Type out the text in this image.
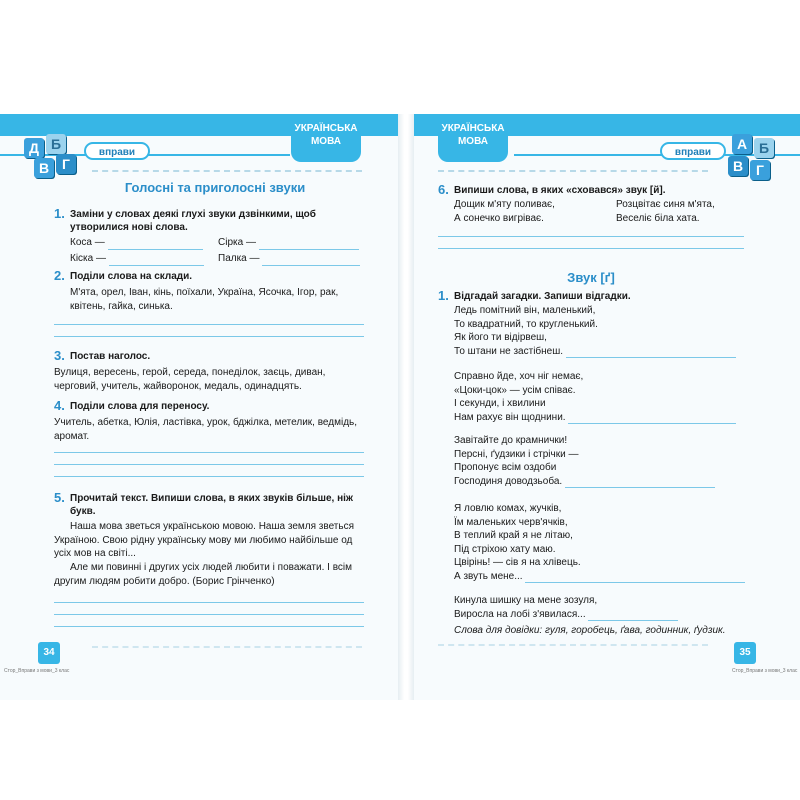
Д Б
В Г
вправи
УКРАЇНСЬКА МОВА
Голосні та приголосні звуки
1. Заміни у словах деякі глухі звуки дзвінкими, щоб утворилися нові слова.
Коса —	Сірка —
Кіска —	Палка —
2. Поділи слова на склади.
М'ята, орел, Іван, кінь, поїхали, Україна, Ясочка, Ігор, рак, квітень, гайка, синька.
3. Постав наголос.
Вулиця, вересень, герой, середа, понеділок, заєць, диван, черговий, учитель, жайворонок, медаль, одинадцять.
4. Поділи слова для переносу.
Учитель, абетка, Юлія, ластівка, урок, бджілка, метелик, ведмідь, аромат.
5. Прочитай текст. Випиши слова, в яких звуків більше, ніж букв.
Наша мова зветься українською мовою. Наша земля зветься Україною. Свою рідну українську мову ми любимо найбільше од усіх мов на світі...
Але ми повинні і других усіх людей любити і поважати. І всім другим людям робити добро. (Борис Грінченко)
34
Стор_Вправи з мови_3 клас
УКРАЇНСЬКА МОВА
вправи
А Б
В Г
6. Випиши слова, в яких «сховався» звук [й].
Дощик м'яту поливає,
А сонечко вигріває.
Розцвітає синя м'ята,
Веселіє біла хата.
Звук [ґ]
1. Відгадай загадки. Запиши відгадки.
Ледь помітний він, маленький,
То квадратний, то кругленький.
Як його ти відірвеш,
То штани не застібнеш.
Справно йде, хоч ніг немає,
«Цоки-цок» — усім співає.
І секунди, і хвилини
Нам рахує він щоднини.
Завітайте до крамнички!
Персні, ґудзики і стрічки —
Пропонує всім оздоби
Господиня доводзьоба.
Я ловлю комах, жучків,
Їм маленьких черв'ячків,
В теплий край я не літаю,
Під стріхою хату маю.
Цвірінь! — сів я на хлівець.
А звуть мене...
Кинула шишку на мене зозуля,
Виросла на лобі з'явилася...
Слова для довідки: гуля, горобець, ґава, годинник, ґудзик.
35
Стор_Вправи з мови_3 клас
